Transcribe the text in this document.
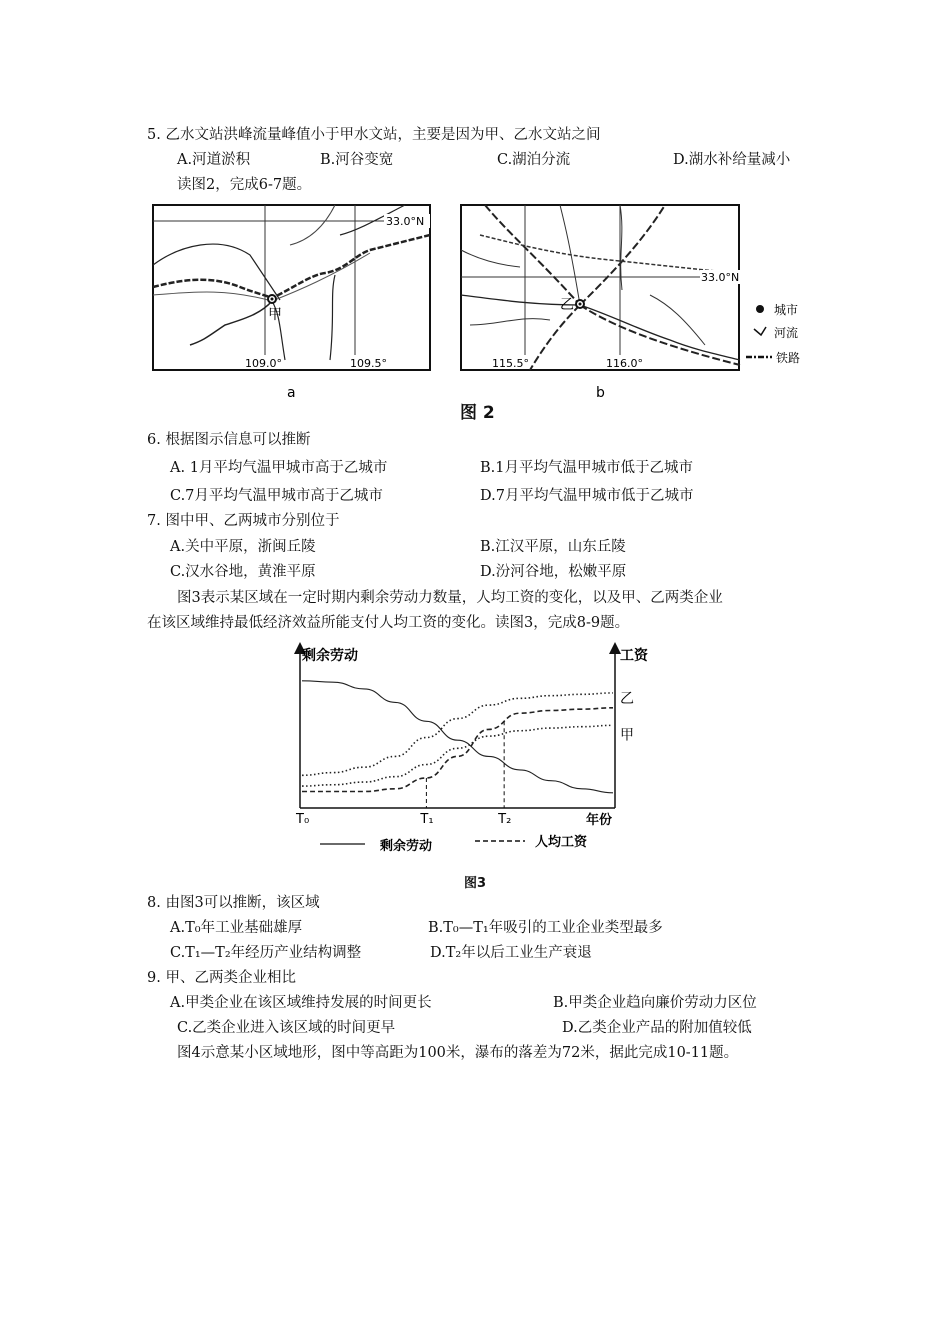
5. 乙水文站洪峰流量峰值小于甲水文站，主要是因为甲、乙水文站之间
A.河道淤积	B.河谷变宽	C.湖泊分流	D.湖水补给量减小
读图2，完成6-7题。
甲
33.0°N
109.0°	109.5°
a
乙
33.0°N
115.5°	116.0°
b
城市
河流
铁路
图 2
6. 根据图示信息可以推断
A. 1月平均气温甲城市高于乙城市	B.1月平均气温甲城市低于乙城市
C.7月平均气温甲城市高于乙城市	D.7月平均气温甲城市低于乙城市
7. 图中甲、乙两城市分别位于
A.关中平原，浙闽丘陵	B.江汉平原，山东丘陵
C.汉水谷地，黄淮平原	D.汾河谷地，松嫩平原
图3表示某区域在一定时期内剩余劳动力数量，人均工资的变化，以及甲、乙两类企业
在该区域维持最低经济效益所能支付人均工资的变化。读图3，完成8-9题。
剩余劳动	工资
T₀	T₁	T₂	年份
乙
甲
剩余劳动	人均工资
图3
8. 由图3可以推断，该区域
A.T₀年工业基础雄厚	B.T₀—T₁年吸引的工业企业类型最多
C.T₁—T₂年经历产业结构调整	D.T₂年以后工业生产衰退
9. 甲、乙两类企业相比
A.甲类企业在该区域维持发展的时间更长	B.甲类企业趋向廉价劳动力区位
C.乙类企业进入该区域的时间更早	D.乙类企业产品的附加值较低
图4示意某小区域地形，图中等高距为100米，瀑布的落差为72米，据此完成10-11题。
